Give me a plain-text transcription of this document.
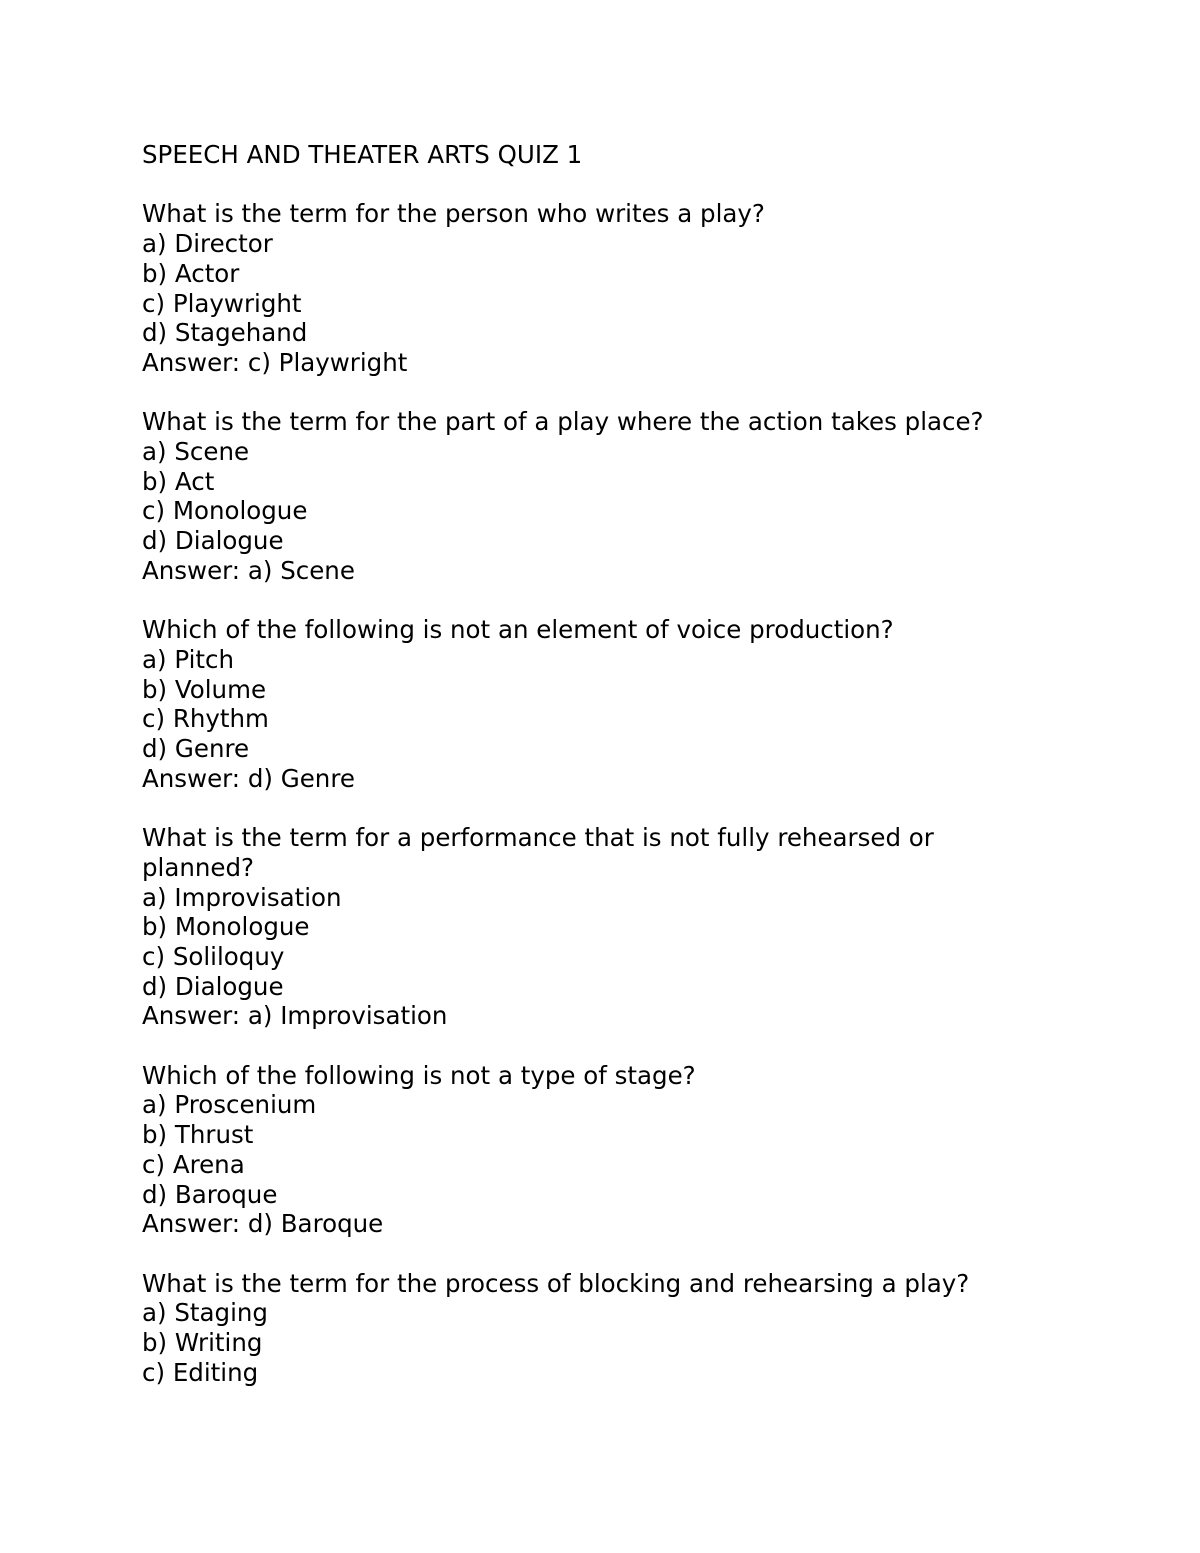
SPEECH AND THEATER ARTS QUIZ 1
What is the term for the person who writes a play?
a) Director
b) Actor
c) Playwright
d) Stagehand
Answer: c) Playwright
What is the term for the part of a play where the action takes place?
a) Scene
b) Act
c) Monologue
d) Dialogue
Answer: a) Scene
Which of the following is not an element of voice production?
a) Pitch
b) Volume
c) Rhythm
d) Genre
Answer: d) Genre
What is the term for a performance that is not fully rehearsed or
planned?
a) Improvisation
b) Monologue
c) Soliloquy
d) Dialogue
Answer: a) Improvisation
Which of the following is not a type of stage?
a) Proscenium
b) Thrust
c) Arena
d) Baroque
Answer: d) Baroque
What is the term for the process of blocking and rehearsing a play?
a) Staging
b) Writing
c) Editing
